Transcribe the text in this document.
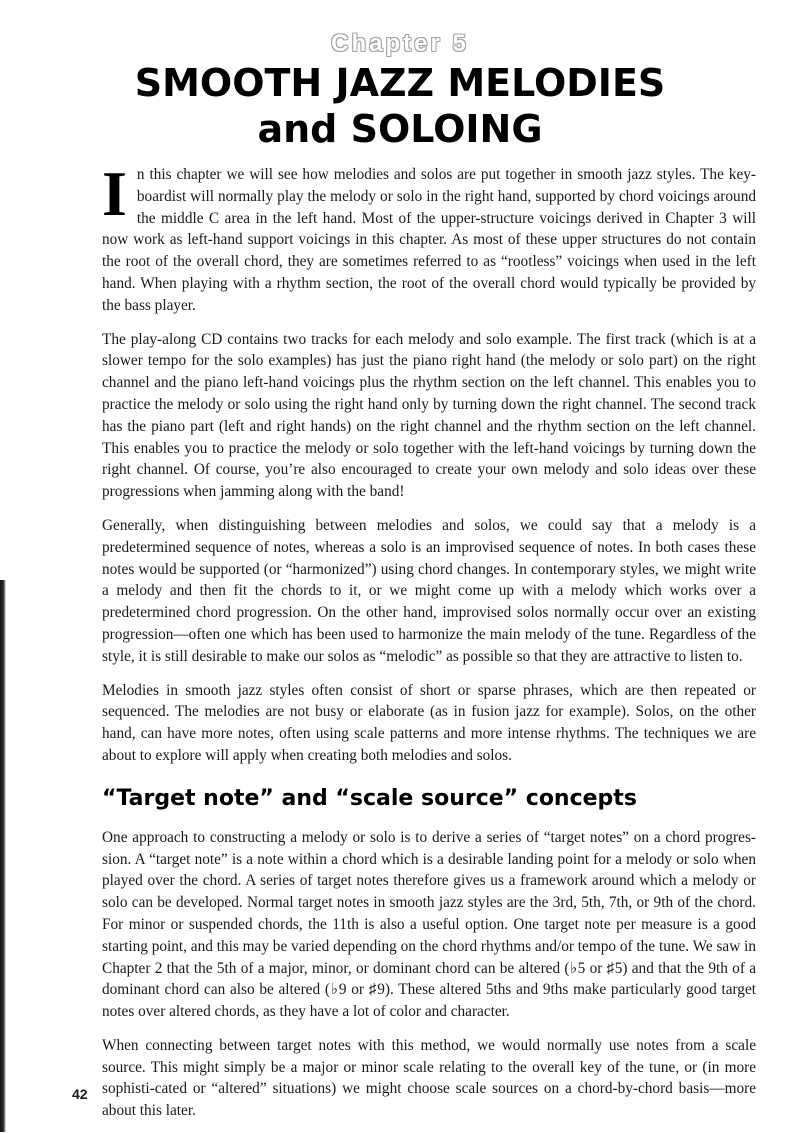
Chapter 5
SMOOTH JAZZ MELODIES
and SOLOING

In this chapter we will see how melodies and solos are put together in smooth jazz styles. The key-boardist will normally play the melody or solo in the right hand, supported by chord voicings around the middle C area in the left hand. Most of the upper-structure voicings derived in Chapter 3 will now work as left-hand support voicings in this chapter. As most of these upper structures do not contain the root of the overall chord, they are sometimes referred to as “rootless” voicings when used in the left hand. When playing with a rhythm section, the root of the overall chord would typically be provided by the bass player.

The play-along CD contains two tracks for each melody and solo example. The first track (which is at a slower tempo for the solo examples) has just the piano right hand (the melody or solo part) on the right channel and the piano left-hand voicings plus the rhythm section on the left channel. This enables you to practice the melody or solo using the right hand only by turning down the right channel. The second track has the piano part (left and right hands) on the right channel and the rhythm section on the left channel. This enables you to practice the melody or solo together with the left-hand voicings by turning down the right channel. Of course, you’re also encouraged to create your own melody and solo ideas over these progressions when jamming along with the band!

Generally, when distinguishing between melodies and solos, we could say that a melody is a predetermined sequence of notes, whereas a solo is an improvised sequence of notes. In both cases these notes would be supported (or “harmonized”) using chord changes. In contemporary styles, we might write a melody and then fit the chords to it, or we might come up with a melody which works over a predetermined chord progression. On the other hand, improvised solos normally occur over an existing progression—often one which has been used to harmonize the main melody of the tune. Regardless of the style, it is still desirable to make our solos as “melodic” as possible so that they are attractive to listen to.

Melodies in smooth jazz styles often consist of short or sparse phrases, which are then repeated or sequenced. The melodies are not busy or elaborate (as in fusion jazz for example). Solos, on the other hand, can have more notes, often using scale patterns and more intense rhythms. The techniques we are about to explore will apply when creating both melodies and solos.

“Target note” and “scale source” concepts

One approach to constructing a melody or solo is to derive a series of “target notes” on a chord progres-sion. A “target note” is a note within a chord which is a desirable landing point for a melody or solo when played over the chord. A series of target notes therefore gives us a framework around which a melody or solo can be developed. Normal target notes in smooth jazz styles are the 3rd, 5th, 7th, or 9th of the chord. For minor or suspended chords, the 11th is also a useful option. One target note per measure is a good starting point, and this may be varied depending on the chord rhythms and/or tempo of the tune. We saw in Chapter 2 that the 5th of a major, minor, or dominant chord can be altered (♭5 or ♯5) and that the 9th of a dominant chord can also be altered (♭9 or ♯9). These altered 5ths and 9ths make particularly good target notes over altered chords, as they have a lot of color and character.

When connecting between target notes with this method, we would normally use notes from a scale source. This might simply be a major or minor scale relating to the overall key of the tune, or (in more sophisti-cated or “altered” situations) we might choose scale sources on a chord-by-chord basis—more about this later.

42
